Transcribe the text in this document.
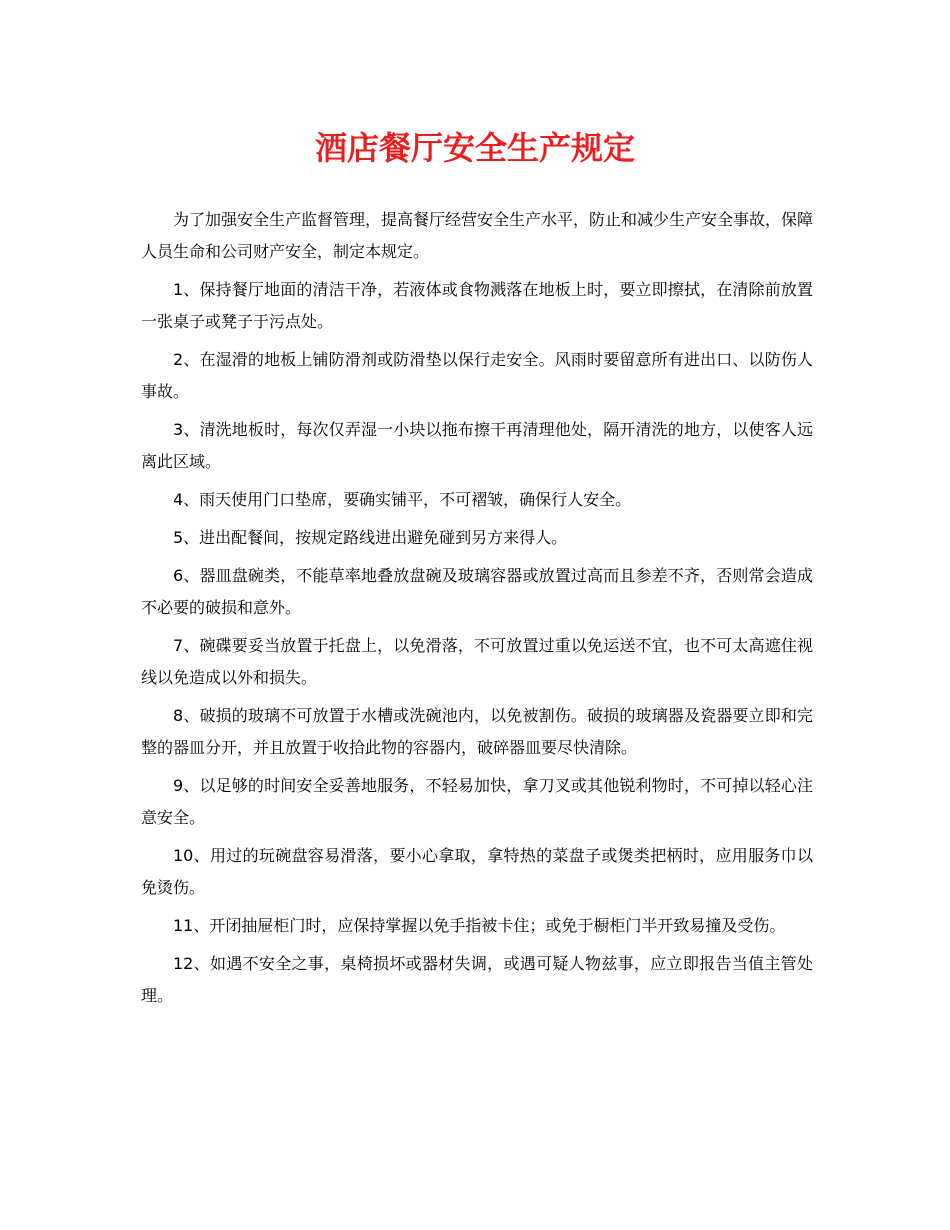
酒店餐厅安全生产规定

为了加强安全生产监督管理，提高餐厅经营安全生产水平，防止和减少生产安全事故，保障人员生命和公司财产安全，制定本规定。

1、保持餐厅地面的清洁干净，若液体或食物溅落在地板上时，要立即擦拭，在清除前放置一张桌子或凳子于污点处。

2、在湿滑的地板上铺防滑剂或防滑垫以保行走安全。风雨时要留意所有进出口、以防伤人事故。

3、清洗地板时，每次仅弄湿一小块以拖布擦干再清理他处，隔开清洗的地方，以使客人远离此区域。

4、雨天使用门口垫席，要确实铺平，不可褶皱，确保行人安全。

5、进出配餐间，按规定路线进出避免碰到另方来得人。

6、器皿盘碗类，不能草率地叠放盘碗及玻璃容器或放置过高而且参差不齐，否则常会造成不必要的破损和意外。

7、碗碟要妥当放置于托盘上，以免滑落，不可放置过重以免运送不宜，也不可太高遮住视线以免造成以外和损失。

8、破损的玻璃不可放置于水槽或洗碗池内，以免被割伤。破损的玻璃器及瓷器要立即和完整的器皿分开，并且放置于收拾此物的容器内，破碎器皿要尽快清除。

9、以足够的时间安全妥善地服务，不轻易加快，拿刀叉或其他锐利物时，不可掉以轻心注意安全。

10、用过的玩碗盘容易滑落，要小心拿取，拿特热的菜盘子或煲类把柄时，应用服务巾以免烫伤。

11、开闭抽屉柜门时，应保持掌握以免手指被卡住；或免于橱柜门半开致易撞及受伤。

12、如遇不安全之事，桌椅损坏或器材失调，或遇可疑人物兹事，应立即报告当值主管处理。
